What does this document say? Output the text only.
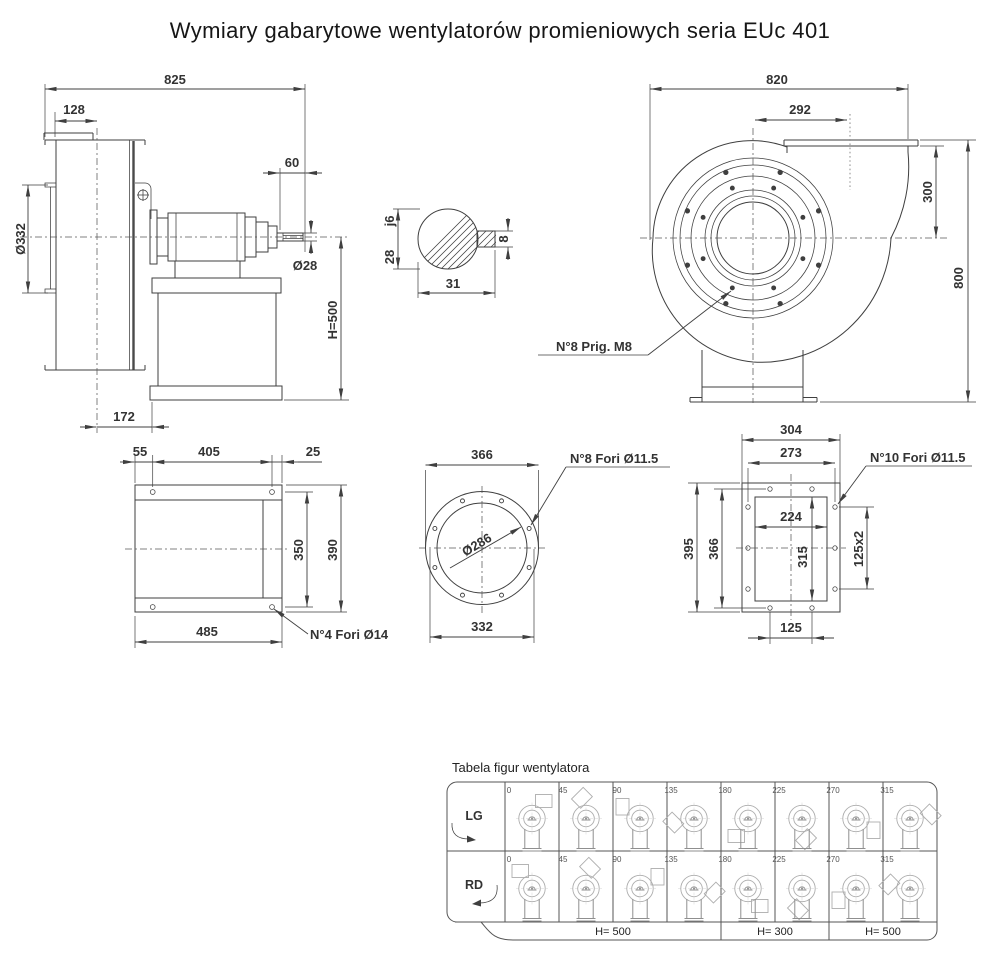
Wymiary gabarytowe wentylatorów promieniowych seria EUc 401
825
128
Ø332
60
Ø28
H=500
172
j6
28
8
31
820
292
300
800
N°8 Prig. M8
55	405	25
350 390
485	N°4 Fori Ø14
366
332
Ø286
N°8 Fori Ø11.5
304
273
224
315
395 366	125x2
125
N°10 Fori Ø11.5
Tabela figur wentylatora
H= 500	H= 300	H= 500
LG
RD
0	45	90	135	180	225	270	315
0	45	90	135	180	225	270	315
